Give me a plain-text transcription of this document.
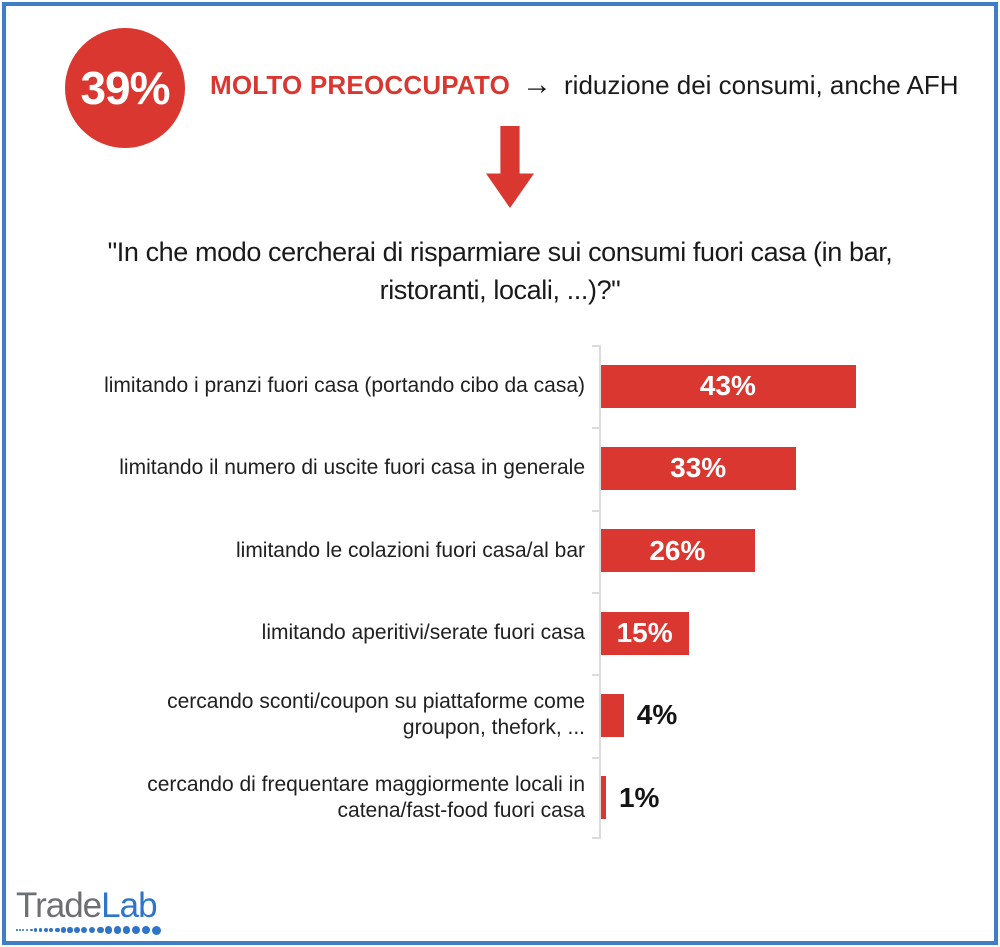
39% MOLTO PREOCCUPATO → riduzione dei consumi, anche AFH
"In che modo cercherai di risparmiare sui consumi fuori casa (in bar,
ristoranti, locali, ...)?"
limitando i pranzi fuori casa (portando cibo da casa)	43%
limitando il numero di uscite fuori casa in generale	33%
limitando le colazioni fuori casa/al bar 26%
limitando aperitivi/serate fuori casa 15%
cercando sconti/coupon su piattaforme come groupon, thefork, ... 4%
cercando di frequentare maggiormente locali in catena/fast-food fuori casa 1%
TradeLab
